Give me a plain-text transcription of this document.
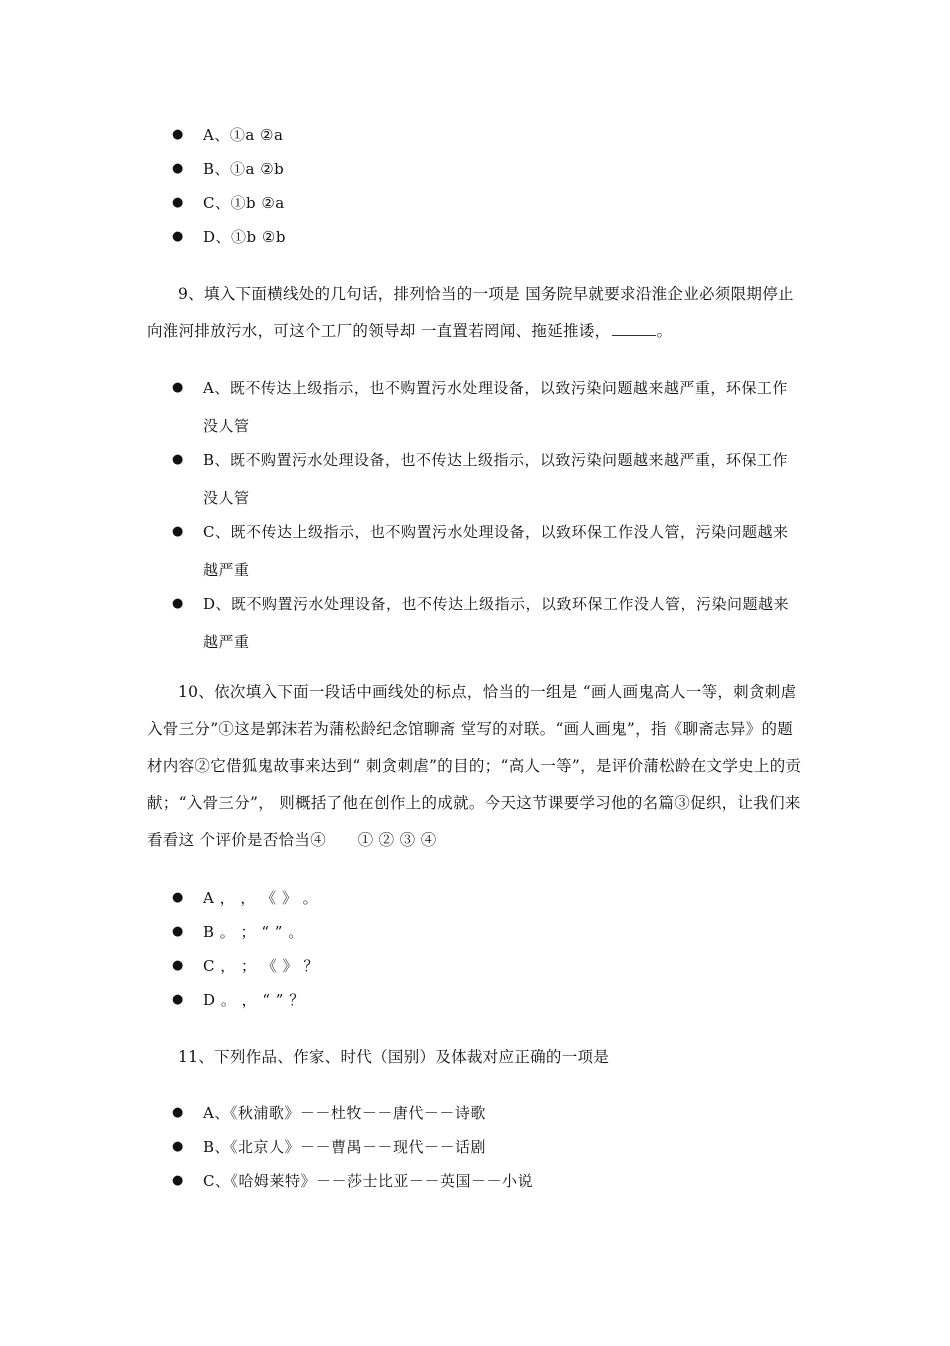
● A、①a ②a
● B、①a ②b
● C、①b ②a
● D、①b ②b
9、填入下面横线处的几句话，排列恰当的一项是 国务院早就要求沿淮企业必须限期停止向淮河排放污水，可这个工厂的领导却 一直置若罔闻、拖延推诿，	。
● A、既不传达上级指示，也不购置污水处理设备，以致污染问题越来越严重，环保工作没人管
● B、既不购置污水处理设备，也不传达上级指示，以致污染问题越来越严重，环保工作没人管
● C、既不传达上级指示，也不购置污水处理设备，以致环保工作没人管，污染问题越来越严重
● D、既不购置污水处理设备，也不传达上级指示，以致环保工作没人管，污染问题越来越严重
10、依次填入下面一段话中画线处的标点，恰当的一组是 “画人画鬼高人一等，刺贪刺虐入骨三分”①这是郭沫若为蒲松龄纪念馆聊斋 堂写的对联。“画人画鬼”，指《聊斋志异》的题材内容②它借狐鬼故事来达到“ 刺贪刺虐”的目的；“高人一等”，是评价蒲松龄在文学史上的贡献；“入骨三分”， 则概括了他在创作上的成就。今天这节课要学习他的名篇③促织，让我们来看看这 个评价是否恰当④　　① ② ③ ④
● A ， ， 《 》 。
● B 。 ； “ ” 。
● C ， ； 《 》 ？
● D 。 ， “ ” ？
11、下列作品、作家、时代（国别）及体裁对应正确的一项是
● A、《秋浦歌》－－杜牧－－唐代－－诗歌
● B、《北京人》－－曹禺－－现代－－话剧
● C、《哈姆莱特》－－莎士比亚－－英国－－小说
